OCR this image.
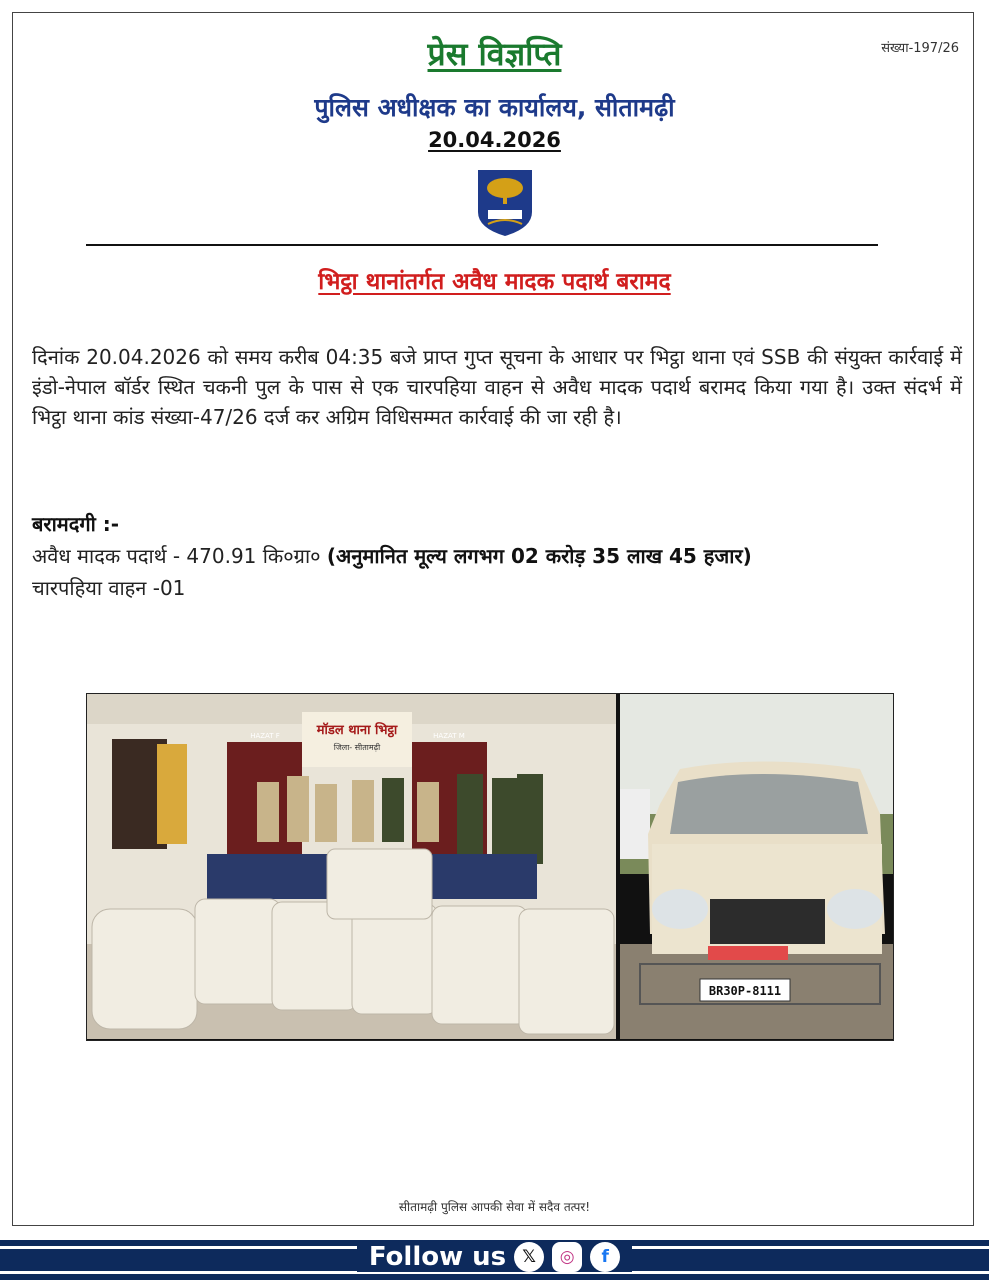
संख्या-197/26
प्रेस विज्ञप्ति
पुलिस अधीक्षक का कार्यालय, सीतामढ़ी
20.04.2026
भिट्ठा थानांतर्गत अवैध मादक पदार्थ बरामद
दिनांक 20.04.2026 को समय करीब 04:35 बजे प्राप्त गुप्त सूचना के आधार पर भिट्ठा थाना एवं SSB की संयुक्त कार्रवाई में इंडो-नेपाल बॉर्डर स्थित चकनी पुल के पास से एक चारपहिया वाहन से अवैध मादक पदार्थ बरामद किया गया है। उक्त संदर्भ में भिट्ठा थाना कांड संख्या-47/26 दर्ज कर अग्रिम विधिसम्मत कार्रवाई की जा रही है।
बरामदगी :-
अवैध मादक पदार्थ - 470.91 कि०ग्रा० (अनुमानित मूल्य लगभग 02 करोड़ 35 लाख 45 हजार)
चारपहिया वाहन -01
मॉडल थाना भिट्ठा
जिला- सीतामढ़ी
HAZAT F	HAZAT M
BR30P-8111
सीतामढ़ी पुलिस आपकी सेवा में सदैव तत्पर!
Follow us 𝕏	◎	f
